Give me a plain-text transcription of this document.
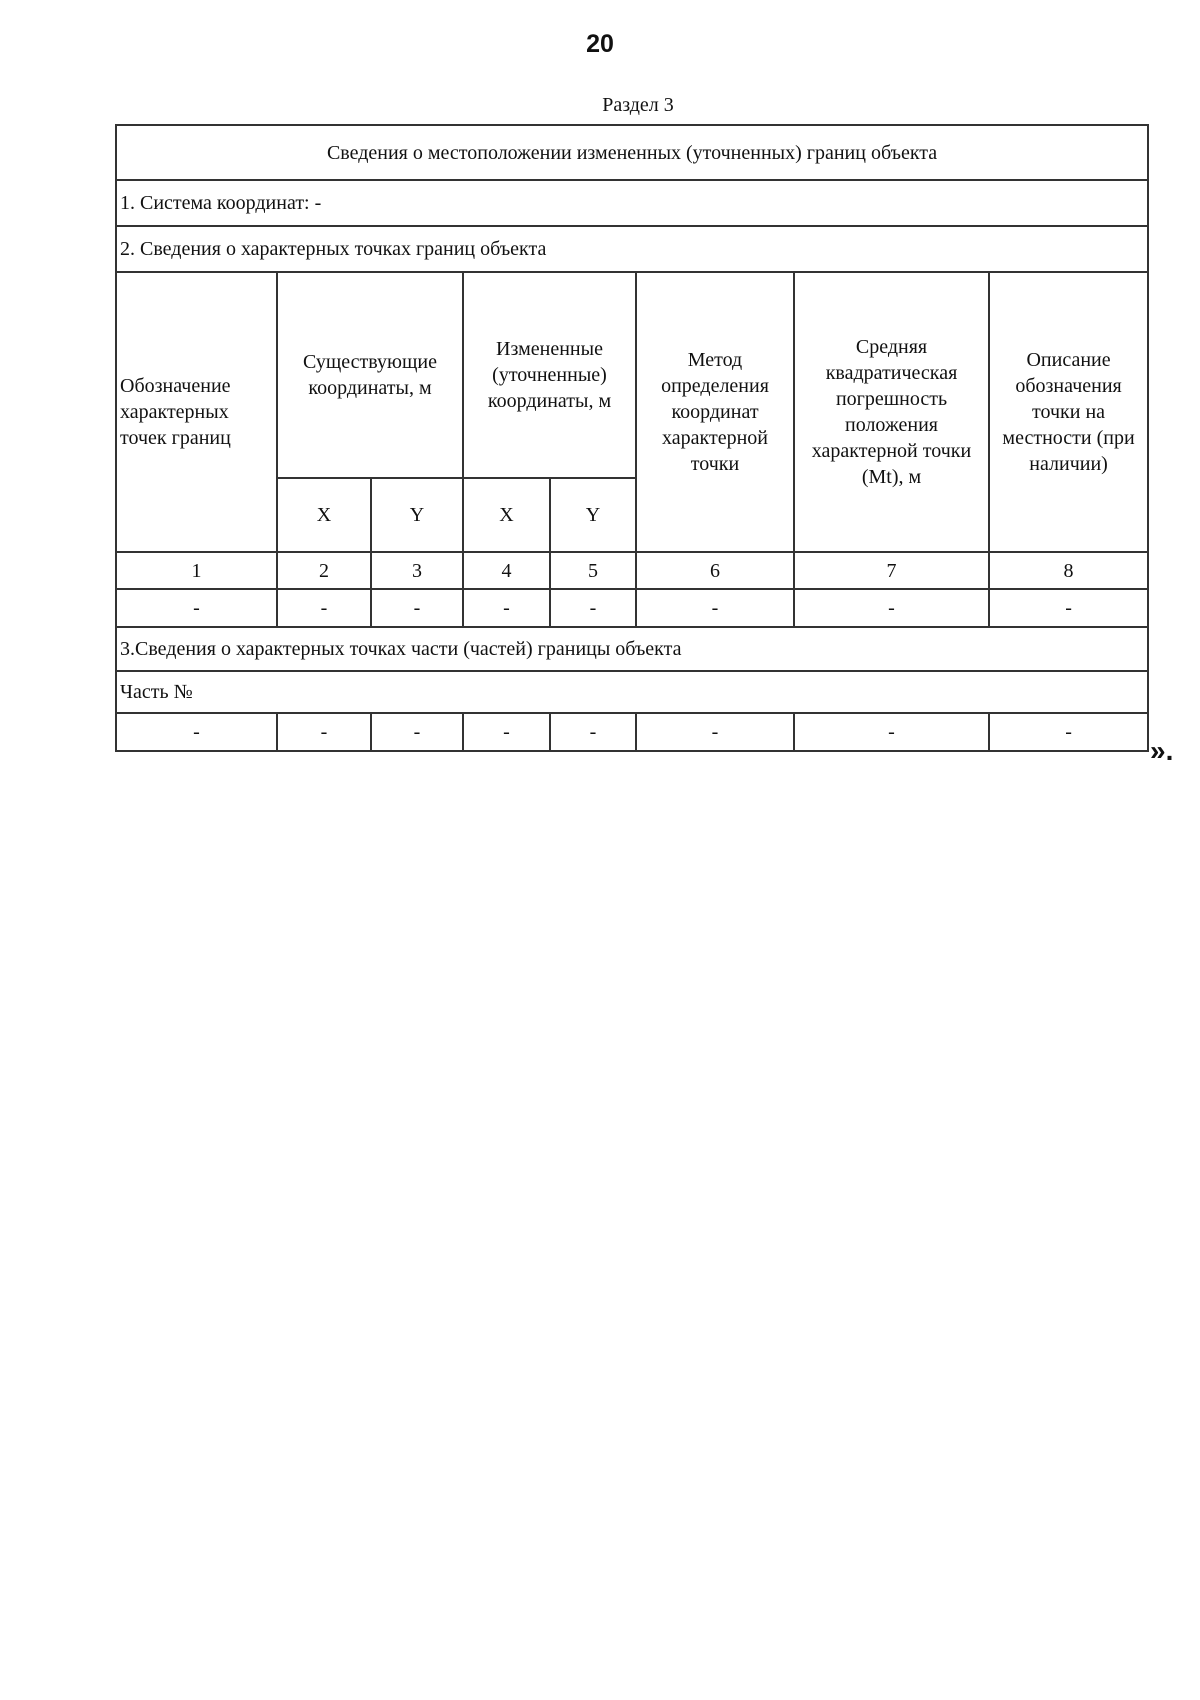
20
Раздел 3
Сведения о местоположении измененных (уточненных) границ объекта							
1. Система координат: -							
2. Сведения о характерных точках границ объекта							
Обозначение характерных точек границ	Существующие координаты, м		Измененные (уточненные) координаты, м		Метод определения координат характерной точки	Средняя квадратическая погрешность положения характерной точки (Mt), м	Описание обозначения точки на местности (при наличии)
	X	Y	X	Y			
1	2	3	4	5	6	7	8
-	-	-	-	-	-	-	-
3.Сведения о характерных точках части (частей) границы объекта							
Часть №							
-	-	-	-	-	-	-	-
».
